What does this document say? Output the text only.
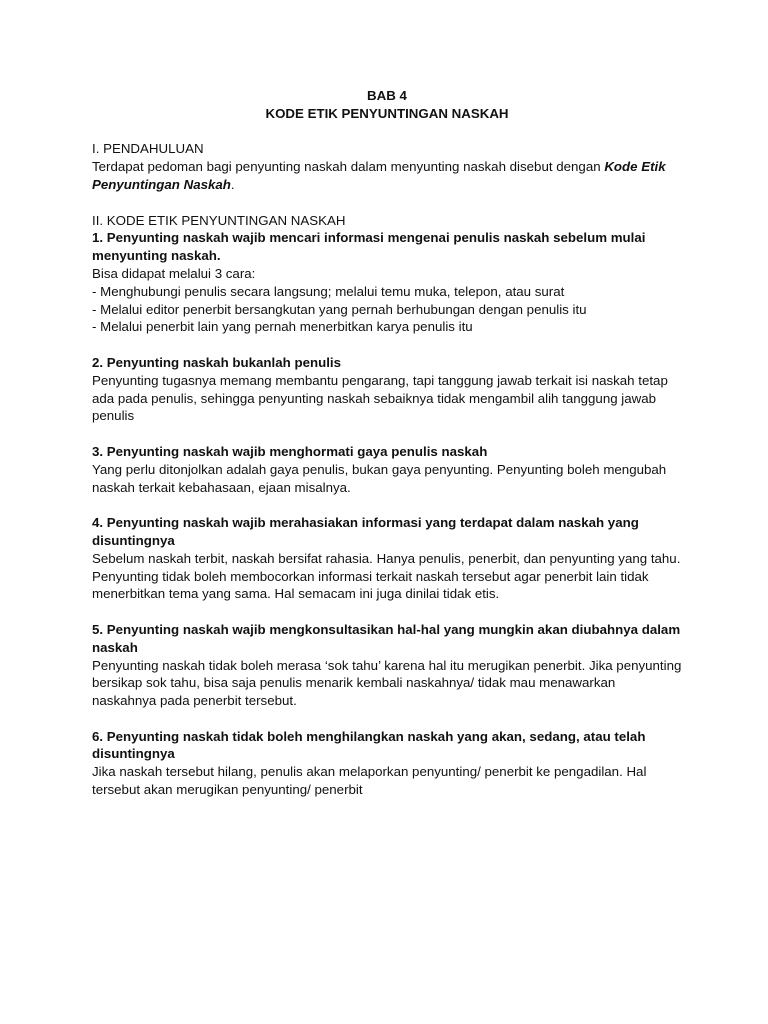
BAB 4

KODE ETIK PENYUNTINGAN NASKAH

I. PENDAHULUAN

Terdapat pedoman bagi penyunting naskah dalam menyunting naskah disebut dengan Kode Etik Penyuntingan Naskah.

II. KODE ETIK PENYUNTINGAN NASKAH

1. Penyunting naskah wajib mencari informasi mengenai penulis naskah sebelum mulai menyunting naskah.

Bisa didapat melalui 3 cara:

- Menghubungi penulis secara langsung; melalui temu muka, telepon, atau surat

- Melalui editor penerbit bersangkutan yang pernah berhubungan dengan penulis itu

- Melalui penerbit lain yang pernah menerbitkan karya penulis itu

2. Penyunting naskah bukanlah penulis

Penyunting tugasnya memang membantu pengarang, tapi tanggung jawab terkait isi naskah tetap ada pada penulis, sehingga penyunting naskah sebaiknya tidak mengambil alih tanggung jawab penulis

3. Penyunting naskah wajib menghormati gaya penulis naskah

Yang perlu ditonjolkan adalah gaya penulis, bukan gaya penyunting. Penyunting boleh mengubah naskah terkait kebahasaan, ejaan misalnya.

4. Penyunting naskah wajib merahasiakan informasi yang terdapat dalam naskah yang disuntingnya

Sebelum naskah terbit, naskah bersifat rahasia. Hanya penulis, penerbit, dan penyunting yang tahu. Penyunting tidak boleh membocorkan informasi terkait naskah tersebut agar penerbit lain tidak menerbitkan tema yang sama. Hal semacam ini juga dinilai tidak etis.

5. Penyunting naskah wajib mengkonsultasikan hal-hal yang mungkin akan diubahnya dalam naskah

Penyunting naskah tidak boleh merasa ‘sok tahu’ karena hal itu merugikan penerbit. Jika penyunting bersikap sok tahu, bisa saja penulis menarik kembali naskahnya/ tidak mau menawarkan naskahnya pada penerbit tersebut.

6. Penyunting naskah tidak boleh menghilangkan naskah yang akan, sedang, atau telah disuntingnya

Jika naskah tersebut hilang, penulis akan melaporkan penyunting/ penerbit ke pengadilan. Hal tersebut akan merugikan penyunting/ penerbit
